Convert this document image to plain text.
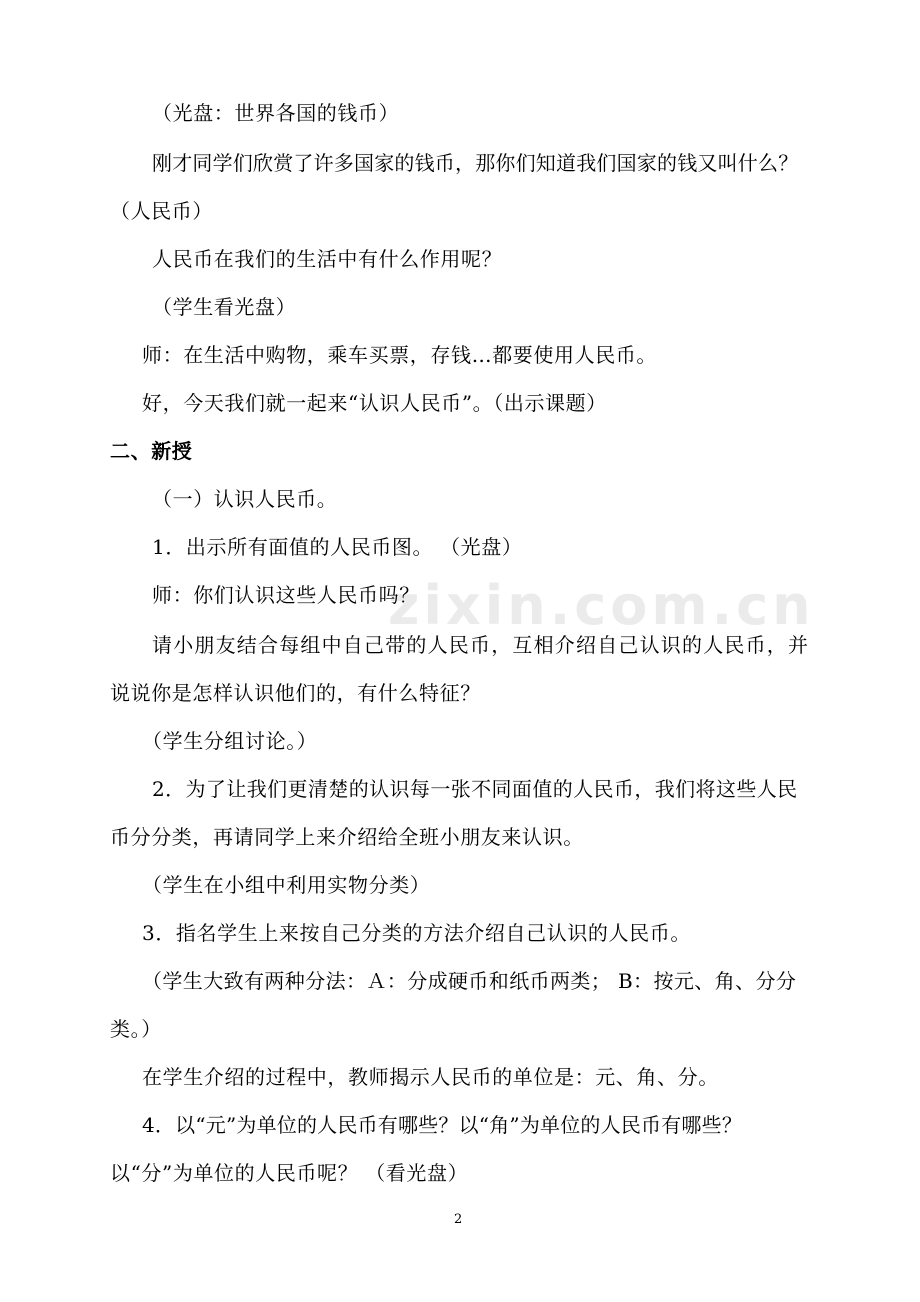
zixin.com.cn
（光盘：世界各国的钱币）
刚才同学们欣赏了许多国家的钱币，那你们知道我们国家的钱又叫什么？
（人民币）
人民币在我们的生活中有什么作用呢？
（学生看光盘）
师：在生活中购物，乘车买票，存钱…都要使用人民币。
好，今天我们就一起来“认识人民币”。（出示课题）
二、新授
（一）认识人民币。
1．出示所有面值的人民币图。 （光盘）
师：你们认识这些人民币吗？
请小朋友结合每组中自己带的人民币，互相介绍自己认识的人民币，并
说说你是怎样认识他们的，有什么特征？
（学生分组讨论。）
2．为了让我们更清楚的认识每一张不同面值的人民币，我们将这些人民
币分分类，再请同学上来介绍给全班小朋友来认识。
（学生在小组中利用实物分类）
3．指名学生上来按自己分类的方法介绍自己认识的人民币。
（学生大致有两种分法：Ａ：分成硬币和纸币两类； B：按元、角、分分
类。）
在学生介绍的过程中，教师揭示人民币的单位是：元、角、分。
4．以“元”为单位的人民币有哪些？以“角”为单位的人民币有哪些？
以“分”为单位的人民币呢？ （看光盘）
2
